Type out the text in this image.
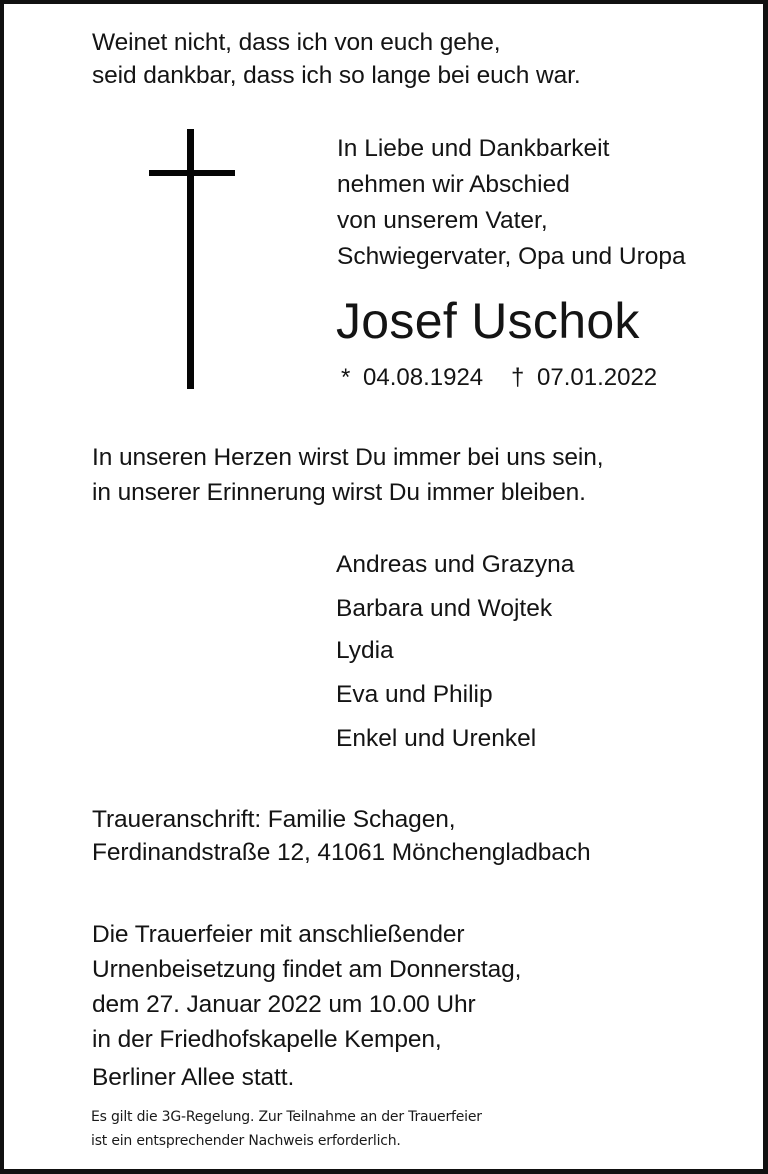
Weinet nicht, dass ich von euch gehe,
seid dankbar, dass ich so lange bei euch war.
In Liebe und Dankbarkeit
nehmen wir Abschied
von unserem Vater,
Schwiegervater, Opa und Uropa
Josef Uschok
* 04.08.1924 † 07.01.2022
In unseren Herzen wirst Du immer bei uns sein,
in unserer Erinnerung wirst Du immer bleiben.
Andreas und Grazyna
Barbara und Wojtek
Lydia
Eva und Philip
Enkel und Urenkel
Traueranschrift: Familie Schagen,
Ferdinandstraße 12, 41061 Mönchengladbach
Die Trauerfeier mit anschließender
Urnenbeisetzung findet am Donnerstag,
dem 27. Januar 2022 um 10.00 Uhr
in der Friedhofskapelle Kempen,
Berliner Allee statt.
Es gilt die 3G-Regelung. Zur Teilnahme an der Trauerfeier
ist ein entsprechender Nachweis erforderlich.
